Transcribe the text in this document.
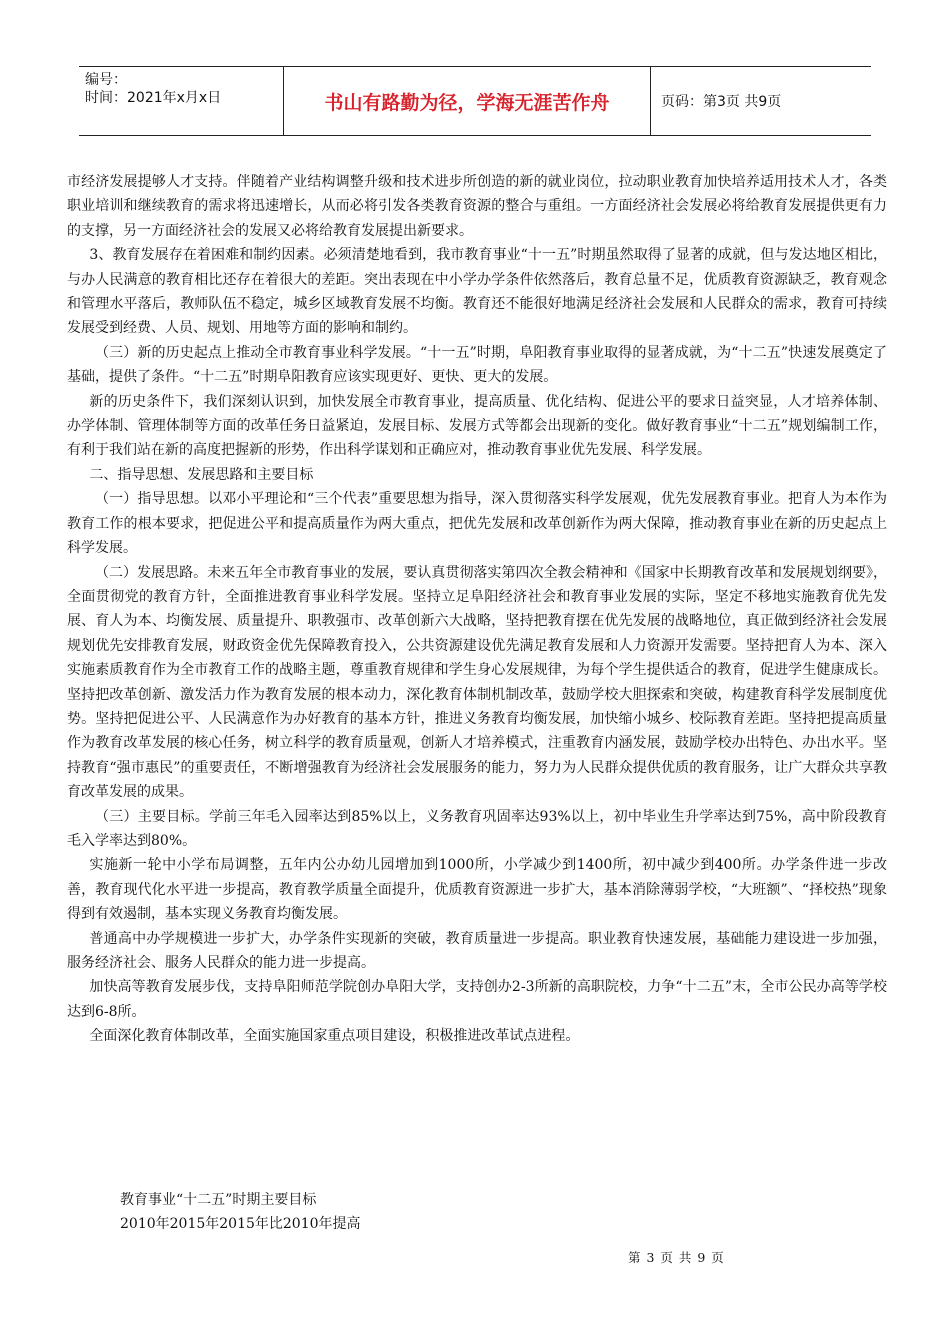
编号：
时间：2021年x月x日	书山有路勤为径，学海无涯苦作舟	页码：第3页 共9页

市经济发展提够人才支持。伴随着产业结构调整升级和技术进步所创造的新的就业岗位，拉动职业教育加快培养适用技术人才，各类职业培训和继续教育的需求将迅速增长，从而必将引发各类教育资源的整合与重组。一方面经济社会发展必将给教育发展提供更有力的支撑，另一方面经济社会的发展又必将给教育发展提出新要求。

3、教育发展存在着困难和制约因素。必须清楚地看到，我市教育事业“十一五”时期虽然取得了显著的成就，但与发达地区相比，与办人民满意的教育相比还存在着很大的差距。突出表现在中小学办学条件依然落后，教育总量不足，优质教育资源缺乏，教育观念和管理水平落后，教师队伍不稳定，城乡区域教育发展不均衡。教育还不能很好地满足经济社会发展和人民群众的需求，教育可持续发展受到经费、人员、规划、用地等方面的影响和制约。

（三）新的历史起点上推动全市教育事业科学发展。“十一五”时期，阜阳教育事业取得的显著成就，为“十二五”快速发展奠定了基础，提供了条件。“十二五”时期阜阳教育应该实现更好、更快、更大的发展。

新的历史条件下，我们深刻认识到，加快发展全市教育事业，提高质量、优化结构、促进公平的要求日益突显，人才培养体制、办学体制、管理体制等方面的改革任务日益紧迫，发展目标、发展方式等都会出现新的变化。做好教育事业“十二五”规划编制工作，有利于我们站在新的高度把握新的形势，作出科学谋划和正确应对，推动教育事业优先发展、科学发展。

二、指导思想、发展思路和主要目标

（一）指导思想。以邓小平理论和“三个代表”重要思想为指导，深入贯彻落实科学发展观，优先发展教育事业。把育人为本作为教育工作的根本要求，把促进公平和提高质量作为两大重点，把优先发展和改革创新作为两大保障，推动教育事业在新的历史起点上科学发展。

（二）发展思路。未来五年全市教育事业的发展，要认真贯彻落实第四次全教会精神和《国家中长期教育改革和发展规划纲要》，全面贯彻党的教育方针，全面推进教育事业科学发展。坚持立足阜阳经济社会和教育事业发展的实际，坚定不移地实施教育优先发展、育人为本、均衡发展、质量提升、职教强市、改革创新六大战略，坚持把教育摆在优先发展的战略地位，真正做到经济社会发展规划优先安排教育发展，财政资金优先保障教育投入，公共资源建设优先满足教育发展和人力资源开发需要。坚持把育人为本、深入实施素质教育作为全市教育工作的战略主题，尊重教育规律和学生身心发展规律，为每个学生提供适合的教育，促进学生健康成长。坚持把改革创新、激发活力作为教育发展的根本动力，深化教育体制机制改革，鼓励学校大胆探索和突破，构建教育科学发展制度优势。坚持把促进公平、人民满意作为办好教育的基本方针，推进义务教育均衡发展，加快缩小城乡、校际教育差距。坚持把提高质量作为教育改革发展的核心任务，树立科学的教育质量观，创新人才培养模式，注重教育内涵发展，鼓励学校办出特色、办出水平。坚持教育“强市惠民”的重要责任，不断增强教育为经济社会发展服务的能力，努力为人民群众提供优质的教育服务，让广大群众共享教育改革发展的成果。

（三）主要目标。学前三年毛入园率达到85%以上，义务教育巩固率达93%以上，初中毕业生升学率达到75%，高中阶段教育毛入学率达到80%。

实施新一轮中小学布局调整，五年内公办幼儿园增加到1000所，小学减少到1400所，初中减少到400所。办学条件进一步改善，教育现代化水平进一步提高，教育教学质量全面提升，优质教育资源进一步扩大，基本消除薄弱学校，“大班额”、“择校热”现象得到有效遏制，基本实现义务教育均衡发展。

普通高中办学规模进一步扩大，办学条件实现新的突破，教育质量进一步提高。职业教育快速发展，基础能力建设进一步加强，服务经济社会、服务人民群众的能力进一步提高。

加快高等教育发展步伐，支持阜阳师范学院创办阜阳大学，支持创办2-3所新的高职院校，力争“十二五”末，全市公民办高等学校达到6-8所。

全面深化教育体制改革，全面实施国家重点项目建设，积极推进改革试点进程。

教育事业“十二五”时期主要目标
2010年2015年2015年比2010年提高
第 3 页 共 9 页
